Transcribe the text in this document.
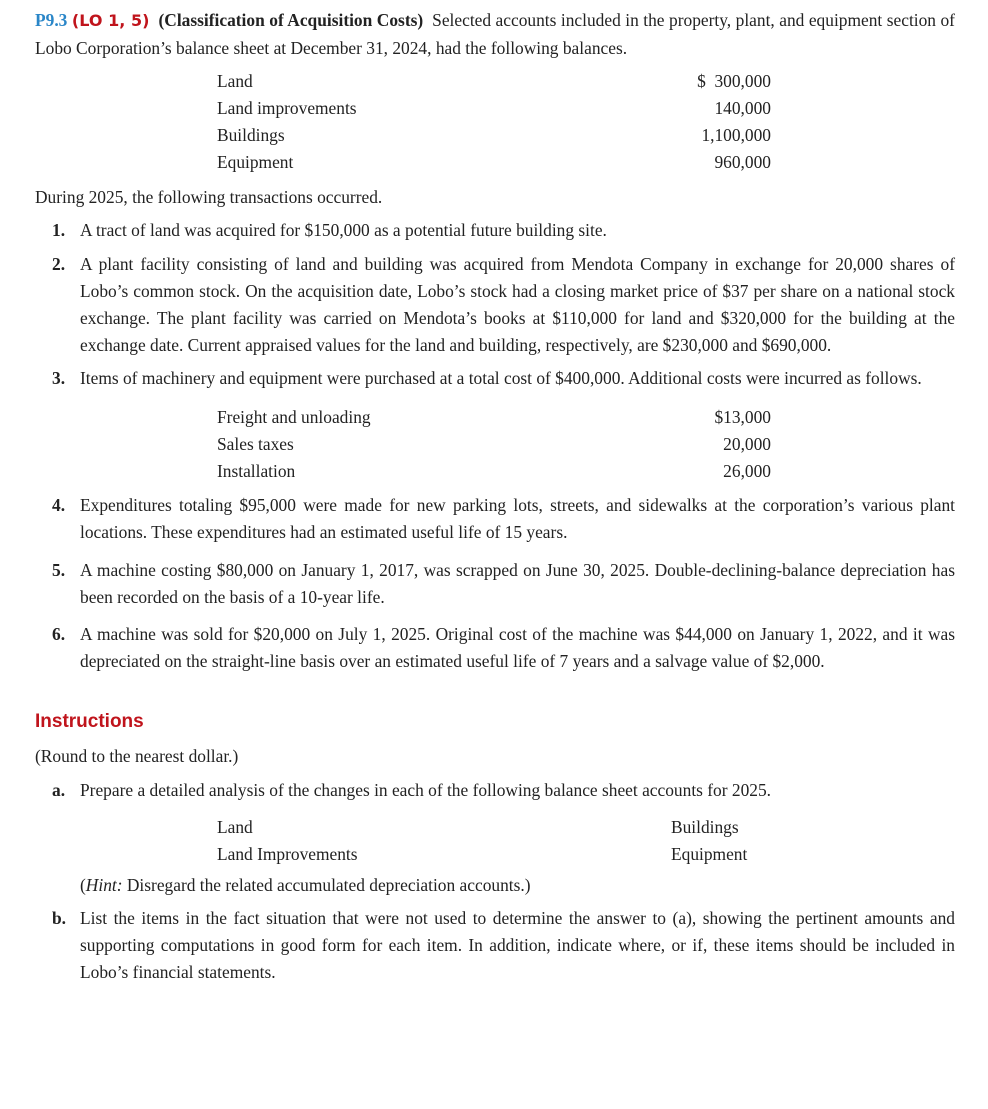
P9.3 (LO 1, 5) (Classification of Acquisition Costs) Selected accounts included in the property, plant, and equipment section of Lobo Corporation’s balance sheet at December 31, 2024, had the following balances.

Land	$  300,000
Land improvements	140,000
Buildings	1,100,000
Equipment	960,000

During 2025, the following transactions occurred.

1. A tract of land was acquired for $150,000 as a potential future building site.
2. A plant facility consisting of land and building was acquired from Mendota Company in exchange for 20,000 shares of Lobo’s common stock. On the acquisition date, Lobo’s stock had a closing market price of $37 per share on a national stock exchange. The plant facility was carried on Mendota’s books at $110,000 for land and $320,000 for the building at the exchange date. Current appraised values for the land and building, respectively, are $230,000 and $690,000.
3. Items of machinery and equipment were purchased at a total cost of $400,000. Additional costs were incurred as follows.
Freight and unloading	$13,000
Sales taxes	20,000
Installation	26,000
4. Expenditures totaling $95,000 were made for new parking lots, streets, and sidewalks at the corporation’s various plant locations. These expenditures had an estimated useful life of 15 years.
5. A machine costing $80,000 on January 1, 2017, was scrapped on June 30, 2025. Double-declining-balance depreciation has been recorded on the basis of a 10-year life.
6. A machine was sold for $20,000 on July 1, 2025. Original cost of the machine was $44,000 on January 1, 2022, and it was depreciated on the straight-line basis over an estimated useful life of 7 years and a salvage value of $2,000.
Instructions

(Round to the nearest dollar.)

a. Prepare a detailed analysis of the changes in each of the following balance sheet accounts for 2025.
Land
Land Improvements
Buildings
Equipment

(Hint: Disregard the related accumulated depreciation accounts.)

b. List the items in the fact situation that were not used to determine the answer to (a), showing the pertinent amounts and supporting computations in good form for each item. In addition, indicate where, or if, these items should be included in Lobo’s financial statements.
